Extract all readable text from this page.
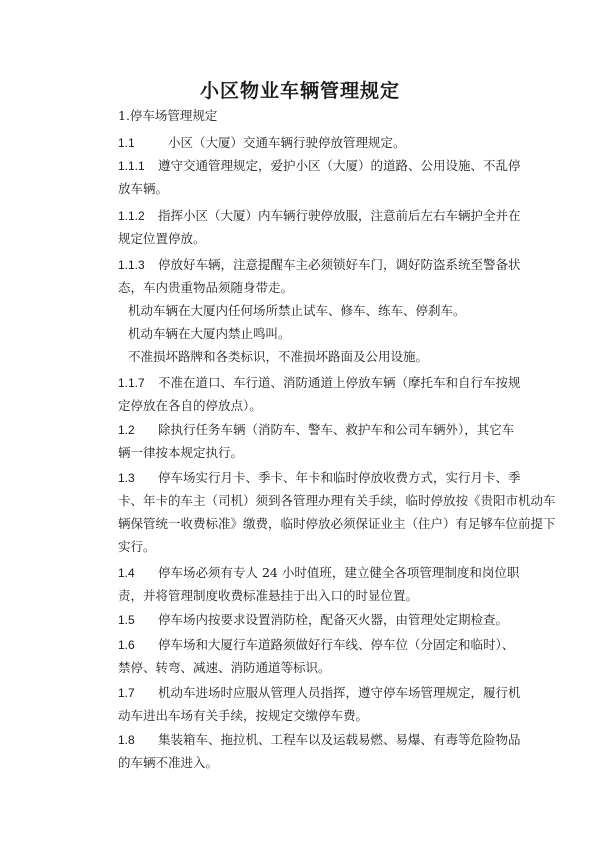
小区物业车辆管理规定
1.停车场管理规定
1.1	小区（大厦）交通车辆行驶停放管理规定。
1.1.1 遵守交通管理规定，爱护小区（大厦）的道路、公用设施、不乱停
放车辆。
1.1.2 指挥小区（大厦）内车辆行驶停放服，注意前后左右车辆护全并在
规定位置停放。
1.1.3 停放好车辆，注意提醒车主必须锁好车门，调好防盗系统至警备状
态，车内贵重物品须随身带走。
机动车辆在大厦内任何场所禁止试车、修车、练车、停刹车。
机动车辆在大厦内禁止鸣叫。
不准损坏路牌和各类标识，不准损坏路面及公用设施。
1.1.7 不准在道口、车行道、消防通道上停放车辆（摩托车和自行车按规
定停放在各自的停放点）。
1.2 除执行任务车辆（消防车、警车、救护车和公司车辆外），其它车
辆一律按本规定执行。
1.3 停车场实行月卡、季卡、年卡和临时停放收费方式，实行月卡、季
卡、年卡的车主（司机）须到各管理办理有关手续，临时停放按《贵阳市机动车
辆保管统一收费标准》缴费，临时停放必须保证业主（住户）有足够车位前提下
实行。
1.4 停车场必须有专人 24 小时值班，建立健全各项管理制度和岗位职
责，并将管理制度收费标准悬挂于出入口的时显位置。
1.5 停车场内按要求设置消防栓，配备灭火器，由管理处定期检查。
1.6 停车场和大厦行车道路须做好行车线、停车位（分固定和临时）、
禁停、转弯、减速、消防通道等标识。
1.7 机动车进场时应服从管理人员指挥，遵守停车场管理规定，履行机
动车进出车场有关手续，按规定交缴停车费。
1.8 集装箱车、拖拉机、工程车以及运载易燃、易爆、有毒等危险物品
的车辆不准进入。
